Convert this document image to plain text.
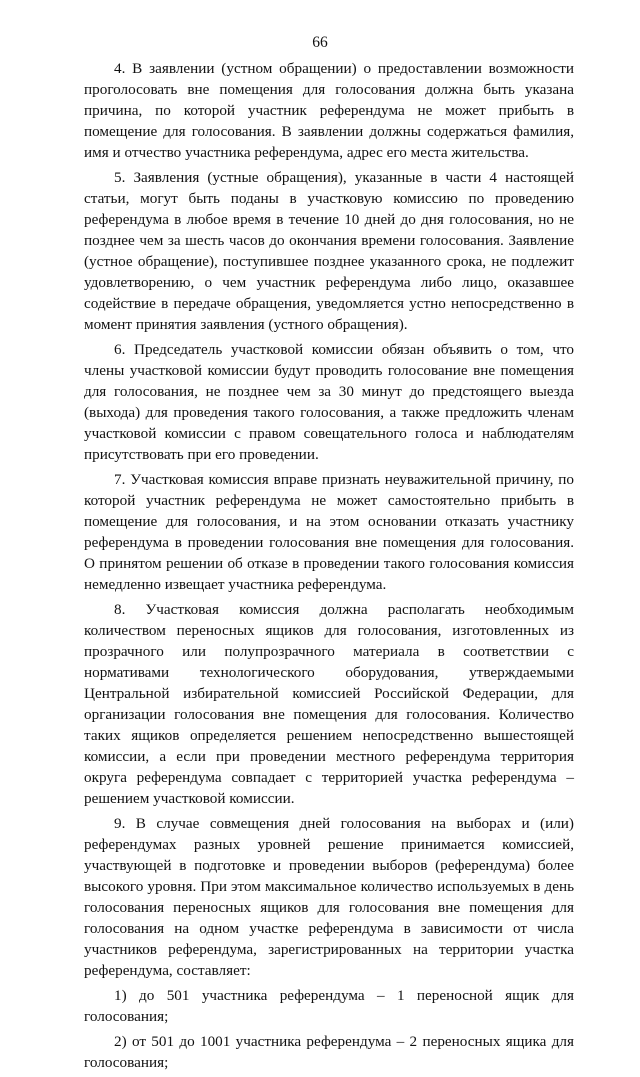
66

4. В заявлении (устном обращении) о предоставлении возможности проголосовать вне помещения для голосования должна быть указана причина, по которой участник референдума не может прибыть в помещение для голосования. В заявлении должны содержаться фамилия, имя и отчество участника референдума, адрес его места жительства.

5. Заявления (устные обращения), указанные в части 4 настоящей статьи, могут быть поданы в участковую комиссию по проведению референдума в любое время в течение 10 дней до дня голосования, но не позднее чем за шесть часов до окончания времени голосования. Заявление (устное обращение), поступившее позднее указанного срока, не подлежит удовлетворению, о чем участник референдума либо лицо, оказавшее содействие в передаче обращения, уведомляется устно непосредственно в момент принятия заявления (устного обращения).

6. Председатель участковой комиссии обязан объявить о том, что члены участковой комиссии будут проводить голосование вне помещения для голосования, не позднее чем за 30 минут до предстоящего выезда (выхода) для проведения такого голосования, а также предложить членам участковой комиссии с правом совещательного голоса и наблюдателям присутствовать при его проведении.

7. Участковая комиссия вправе признать неуважительной причину, по которой участник референдума не может самостоятельно прибыть в помещение для голосования, и на этом основании отказать участнику референдума в проведении голосования вне помещения для голосования. О принятом решении об отказе в проведении такого голосования комиссия немедленно извещает участника референдума.

8. Участковая комиссия должна располагать необходимым количеством переносных ящиков для голосования, изготовленных из прозрачного или полупрозрачного материала в соответствии с нормативами технологического оборудования, утверждаемыми Центральной избирательной комиссией Российской Федерации, для организации голосования вне помещения для голосования. Количество таких ящиков определяется решением непосредственно вышестоящей комиссии, а если при проведении местного референдума территория округа референдума совпадает с территорией участка референдума – решением участковой комиссии.

9. В случае совмещения дней голосования на выборах и (или) референдумах разных уровней решение принимается комиссией, участвующей в подготовке и проведении выборов (референдума) более высокого уровня. При этом максимальное количество используемых в день голосования переносных ящиков для голосования вне помещения для голосования на одном участке референдума в зависимости от числа участников референдума, зарегистрированных на территории участка референдума, составляет:

1) до 501 участника референдума – 1 переносной ящик для голосования;

2) от 501 до 1001 участника референдума – 2 переносных ящика для голосования;
